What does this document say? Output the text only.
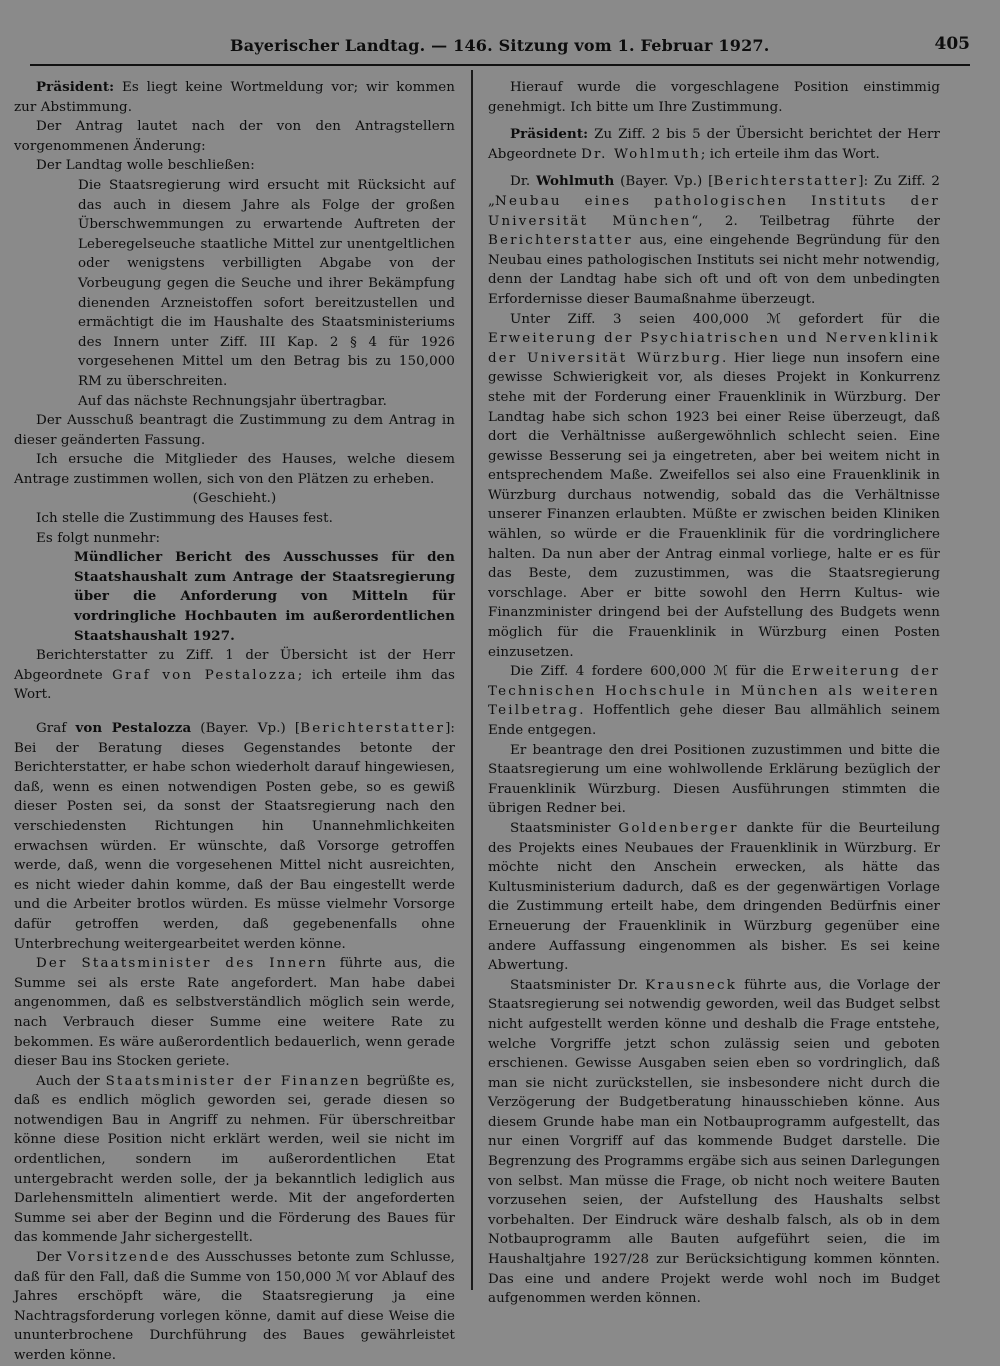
Bayerischer Landtag. — 146. Sitzung vom 1. Februar 1927.	405

Präsident: Es liegt keine Wortmeldung vor; wir kommen zur Abstimmung.

Der Antrag lautet nach der von den Antragstellern vorgenommenen Änderung:

Der Landtag wolle beschließen:

Die Staatsregierung wird ersucht mit Rücksicht auf das auch in diesem Jahre als Folge der großen Überschwemmungen zu erwartende Auftreten der Leberegelseuche staatliche Mittel zur unentgeltlichen oder wenigstens verbilligten Abgabe von der Vorbeugung gegen die Seuche und ihrer Bekämpfung dienenden Arzneistoffen sofort bereitzustellen und ermächtigt die im Haushalte des Staatsministeriums des Innern unter Ziff. III Kap. 2 § 4 für 1926 vorgesehenen Mittel um den Betrag bis zu 150,000 RM zu überschreiten.

Auf das nächste Rechnungsjahr übertragbar.

Der Ausschuß beantragt die Zustimmung zu dem Antrag in dieser geänderten Fassung.

Ich ersuche die Mitglieder des Hauses, welche diesem Antrage zustimmen wollen, sich von den Plätzen zu erheben.

(Geschieht.)

Ich stelle die Zustimmung des Hauses fest.

Es folgt nunmehr:

Mündlicher Bericht des Ausschusses für den Staatshaushalt zum Antrage der Staatsregierung über die Anforderung von Mitteln für vordringliche Hochbauten im außerordentlichen Staatshaushalt 1927.

Berichterstatter zu Ziff. 1 der Übersicht ist der Herr Abgeordnete Graf von Pestalozza; ich erteile ihm das Wort.

Graf von Pestalozza (Bayer. Vp.) [Berichterstatter]: Bei der Beratung dieses Gegenstandes betonte der Berichterstatter, er habe schon wiederholt darauf hingewiesen, daß, wenn es einen notwendigen Posten gebe, so es gewiß dieser Posten sei, da sonst der Staatsregierung nach den verschiedensten Richtungen hin Unannehmlichkeiten erwachsen würden. Er wünschte, daß Vorsorge getroffen werde, daß, wenn die vorgesehenen Mittel nicht ausreichten, es nicht wieder dahin komme, daß der Bau eingestellt werde und die Arbeiter brotlos würden. Es müsse vielmehr Vorsorge dafür getroffen werden, daß gegebenenfalls ohne Unterbrechung weitergearbeitet werden könne.

Der Staatsminister des Innern führte aus, die Summe sei als erste Rate angefordert. Man habe dabei angenommen, daß es selbstverständlich möglich sein werde, nach Verbrauch dieser Summe eine weitere Rate zu bekommen. Es wäre außerordentlich bedauerlich, wenn gerade dieser Bau ins Stocken geriete.

Auch der Staatsminister der Finanzen begrüßte es, daß es endlich möglich geworden sei, gerade diesen so notwendigen Bau in Angriff zu nehmen. Für überschreitbar könne diese Position nicht erklärt werden, weil sie nicht im ordentlichen, sondern im außerordentlichen Etat untergebracht werden solle, der ja bekanntlich lediglich aus Darlehensmitteln alimentiert werde. Mit der angeforderten Summe sei aber der Beginn und die Förderung des Baues für das kommende Jahr sichergestellt.

Der Vorsitzende des Ausschusses betonte zum Schlusse, daß für den Fall, daß die Summe von 150,000 ℳ vor Ablauf des Jahres erschöpft wäre, die Staatsregierung ja eine Nachtragsforderung vorlegen könne, damit auf diese Weise die ununterbrochene Durchführung des Baues gewährleistet werden könne.

Hierauf wurde die vorgeschlagene Position einstimmig genehmigt. Ich bitte um Ihre Zustimmung.

Präsident: Zu Ziff. 2 bis 5 der Übersicht berichtet der Herr Abgeordnete Dr. Wohlmuth; ich erteile ihm das Wort.

Dr. Wohlmuth (Bayer. Vp.) [Berichterstatter]: Zu Ziff. 2 „Neubau eines pathologischen Instituts der Universität München“, 2. Teilbetrag führte der Berichterstatter aus, eine eingehende Begründung für den Neubau eines pathologischen Instituts sei nicht mehr notwendig, denn der Landtag habe sich oft und oft von dem unbedingten Erfordernisse dieser Baumaßnahme überzeugt.

Unter Ziff. 3 seien 400,000 ℳ gefordert für die Erweiterung der Psychiatrischen und Nervenklinik der Universität Würzburg. Hier liege nun insofern eine gewisse Schwierigkeit vor, als dieses Projekt in Konkurrenz stehe mit der Forderung einer Frauenklinik in Würzburg. Der Landtag habe sich schon 1923 bei einer Reise überzeugt, daß dort die Verhältnisse außergewöhnlich schlecht seien. Eine gewisse Besserung sei ja eingetreten, aber bei weitem nicht in entsprechendem Maße. Zweifellos sei also eine Frauenklinik in Würzburg durchaus notwendig, sobald das die Verhältnisse unserer Finanzen erlaubten. Müßte er zwischen beiden Kliniken wählen, so würde er die Frauenklinik für die vordringlichere halten. Da nun aber der Antrag einmal vorliege, halte er es für das Beste, dem zuzustimmen, was die Staatsregierung vorschlage. Aber er bitte sowohl den Herrn Kultus- wie Finanzminister dringend bei der Aufstellung des Budgets wenn möglich für die Frauenklinik in Würzburg einen Posten einzusetzen.

Die Ziff. 4 fordere 600,000 ℳ für die Erweiterung der Technischen Hochschule in München als weiteren Teilbetrag. Hoffentlich gehe dieser Bau allmählich seinem Ende entgegen.

Er beantrage den drei Positionen zuzustimmen und bitte die Staatsregierung um eine wohlwollende Erklärung bezüglich der Frauenklinik Würzburg. Diesen Ausführungen stimmten die übrigen Redner bei.

Staatsminister Goldenberger dankte für die Beurteilung des Projekts eines Neubaues der Frauenklinik in Würzburg. Er möchte nicht den Anschein erwecken, als hätte das Kultusministerium dadurch, daß es der gegenwärtigen Vorlage die Zustimmung erteilt habe, dem dringenden Bedürfnis einer Erneuerung der Frauenklinik in Würzburg gegenüber eine andere Auffassung eingenommen als bisher. Es sei keine Abwertung.

Staatsminister Dr. Krausneck führte aus, die Vorlage der Staatsregierung sei notwendig geworden, weil das Budget selbst nicht aufgestellt werden könne und deshalb die Frage entstehe, welche Vorgriffe jetzt schon zulässig seien und geboten erschienen. Gewisse Ausgaben seien eben so vordringlich, daß man sie nicht zurückstellen, sie insbesondere nicht durch die Verzögerung der Budgetberatung hinausschieben könne. Aus diesem Grunde habe man ein Notbauprogramm aufgestellt, das nur einen Vorgriff auf das kommende Budget darstelle. Die Begrenzung des Programms ergäbe sich aus seinen Darlegungen von selbst. Man müsse die Frage, ob nicht noch weitere Bauten vorzusehen seien, der Aufstellung des Haushalts selbst vorbehalten. Der Eindruck wäre deshalb falsch, als ob in dem Notbauprogramm alle Bauten aufgeführt seien, die im Haushaltjahre 1927/28 zur Berücksichtigung kommen könnten. Das eine und andere Projekt werde wohl noch im Budget aufgenommen werden können.
